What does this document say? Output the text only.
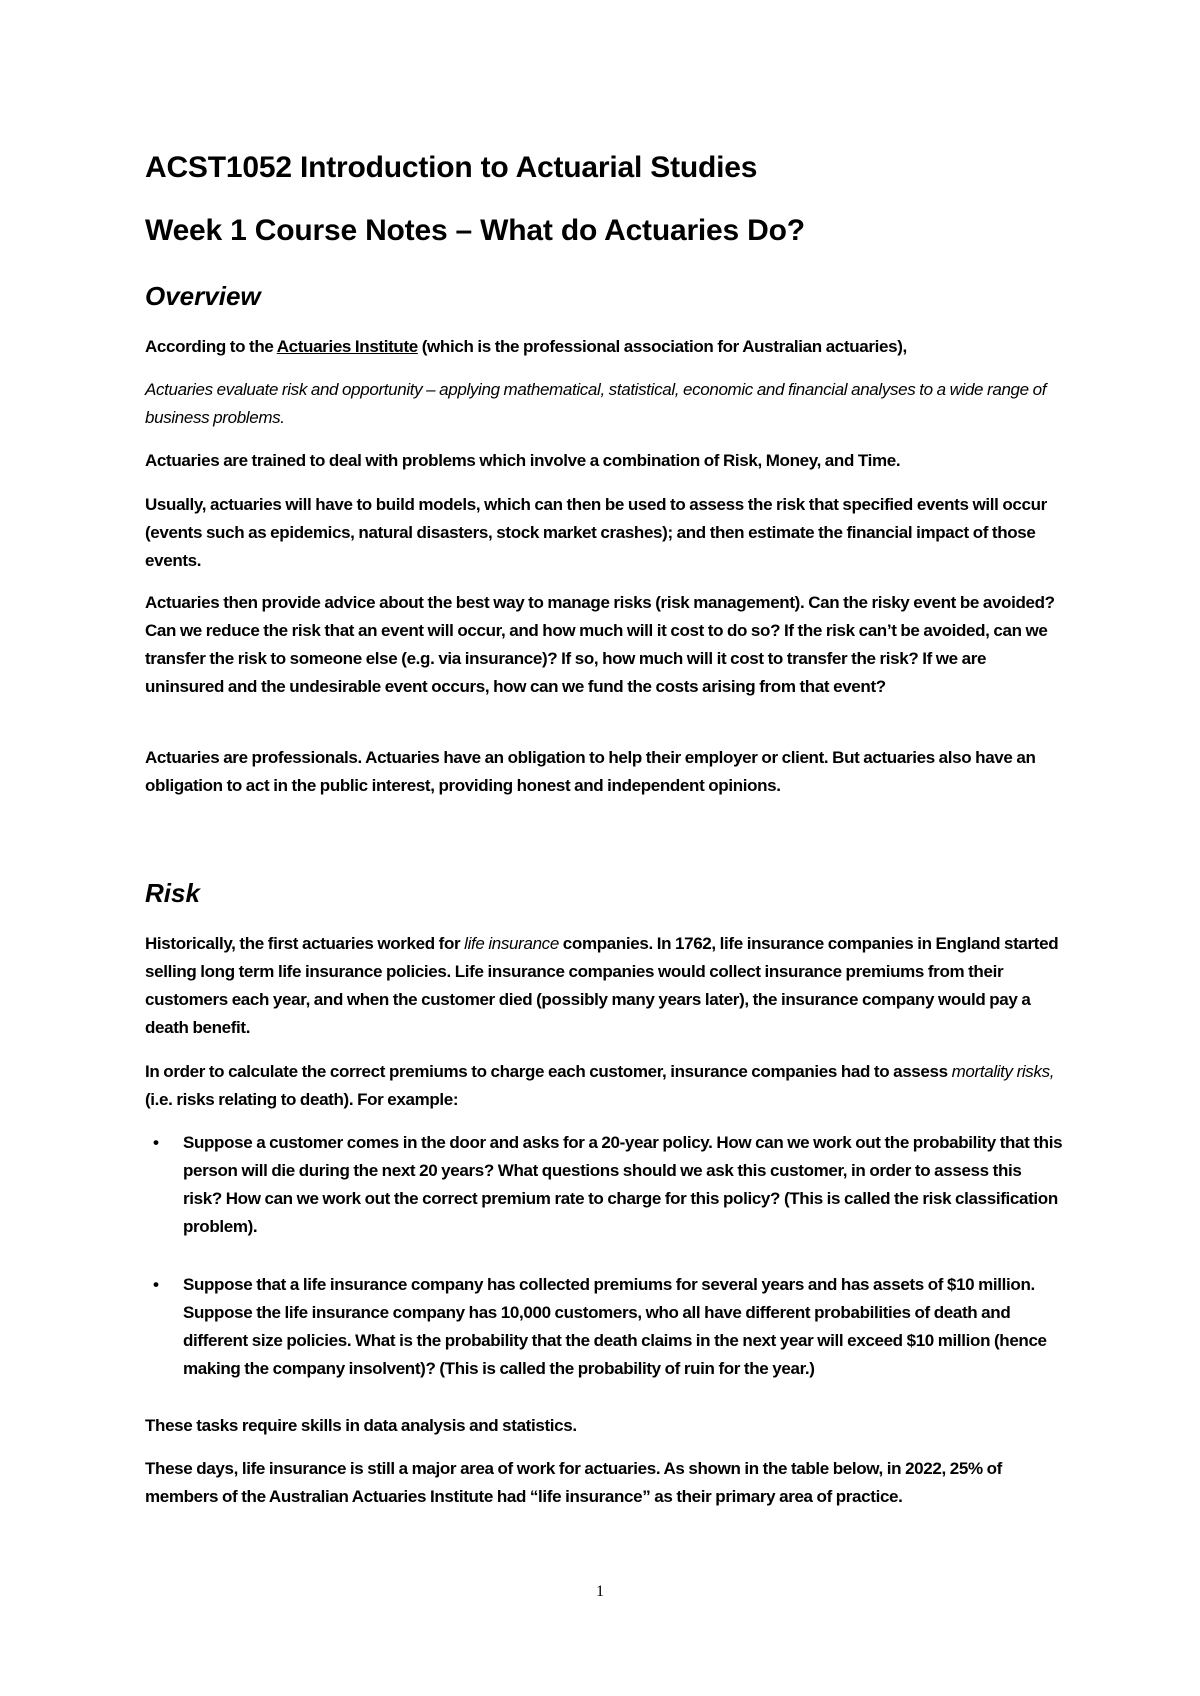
ACST1052 Introduction to Actuarial Studies
Week 1 Course Notes – What do Actuaries Do?
Overview

According to the Actuaries Institute (which is the professional association for Australian actuaries),

Actuaries evaluate risk and opportunity – applying mathematical, statistical, economic and financial analyses to a wide range of business problems.

Actuaries are trained to deal with problems which involve a combination of Risk, Money, and Time.

Usually, actuaries will have to build models, which can then be used to assess the risk that specified events will occur (events such as epidemics, natural disasters, stock market crashes); and then estimate the financial impact of those events.

Actuaries then provide advice about the best way to manage risks (risk management). Can the risky event be avoided? Can we reduce the risk that an event will occur, and how much will it cost to do so? If the risk can’t be avoided, can we transfer the risk to someone else (e.g. via insurance)? If so, how much will it cost to transfer the risk? If we are uninsured and the undesirable event occurs, how can we fund the costs arising from that event?

Actuaries are professionals. Actuaries have an obligation to help their employer or client. But actuaries also have an obligation to act in the public interest, providing honest and independent opinions.

Risk

Historically, the first actuaries worked for life insurance companies. In 1762, life insurance companies in England started selling long term life insurance policies. Life insurance companies would collect insurance premiums from their customers each year, and when the customer died (possibly many years later), the insurance company would pay a death benefit.

In order to calculate the correct premiums to charge each customer, insurance companies had to assess mortality risks, (i.e. risks relating to death). For example:

• Suppose a customer comes in the door and asks for a 20-year policy. How can we work out the probability that this person will die during the next 20 years? What questions should we ask this customer, in order to assess this risk? How can we work out the correct premium rate to charge for this policy? (This is called the risk classification problem).
• Suppose that a life insurance company has collected premiums for several years and has assets of $10 million. Suppose the life insurance company has 10,000 customers, who all have different probabilities of death and different size policies. What is the probability that the death claims in the next year will exceed $10 million (hence making the company insolvent)? (This is called the probability of ruin for the year.)

These tasks require skills in data analysis and statistics.

These days, life insurance is still a major area of work for actuaries. As shown in the table below, in 2022, 25% of members of the Australian Actuaries Institute had “life insurance” as their primary area of practice.

1
